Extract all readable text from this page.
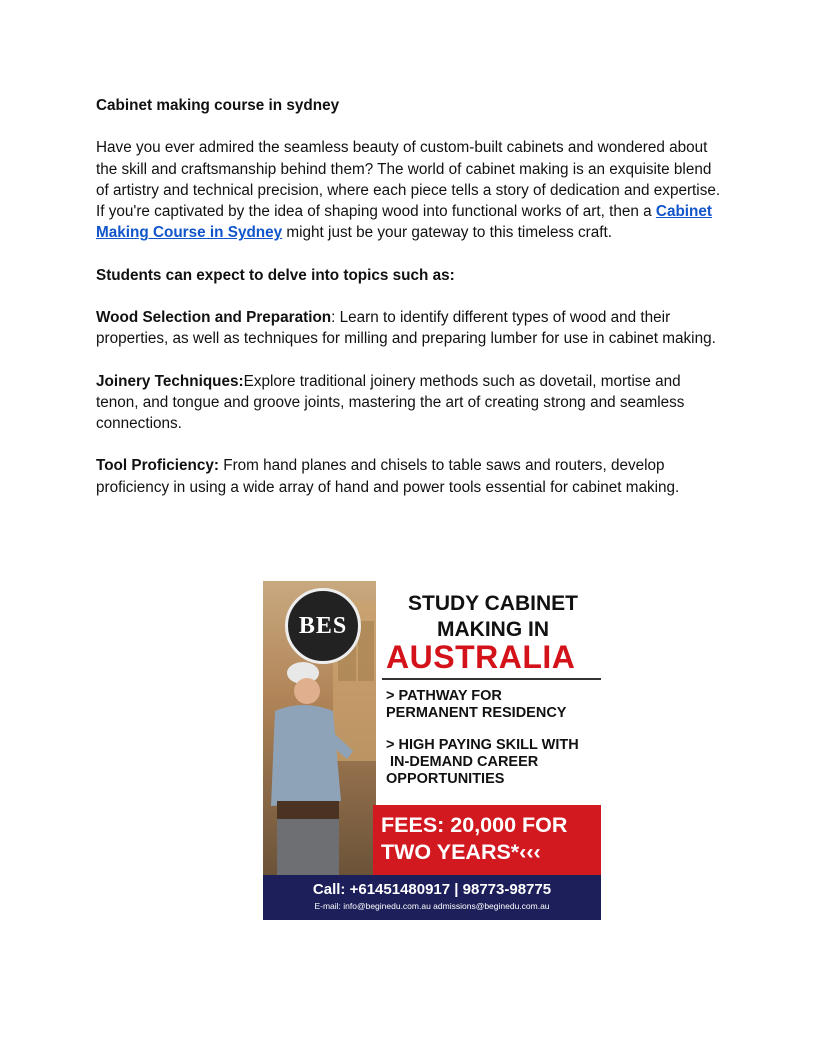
Cabinet making course in sydney

Have you ever admired the seamless beauty of custom-built cabinets and wondered about the skill and craftsmanship behind them? The world of cabinet making is an exquisite blend of artistry and technical precision, where each piece tells a story of dedication and expertise. If you're captivated by the idea of shaping wood into functional works of art, then a Cabinet Making Course in Sydney might just be your gateway to this timeless craft.

Students can expect to delve into topics such as:

Wood Selection and Preparation: Learn to identify different types of wood and their properties, as well as techniques for milling and preparing lumber for use in cabinet making.

Joinery Techniques:Explore traditional joinery methods such as dovetail, mortise and tenon, and tongue and groove joints, mastering the art of creating strong and seamless connections.

Tool Proficiency: From hand planes and chisels to table saws and routers, develop proficiency in using a wide array of hand and power tools essential for cabinet making.

BES
STUDY CABINET
MAKING IN
AUSTRALIA
> PATHWAY FOR
PERMANENT RESIDENCY
> HIGH PAYING SKILL WITH
IN-DEMAND CAREER
OPPORTUNITIES
FEES: 20,000 FOR
TWO YEARS*‹‹‹
Call: +61451480917 | 98773-98775
E-mail: info@beginedu.com.au admissions@beginedu.com.au
